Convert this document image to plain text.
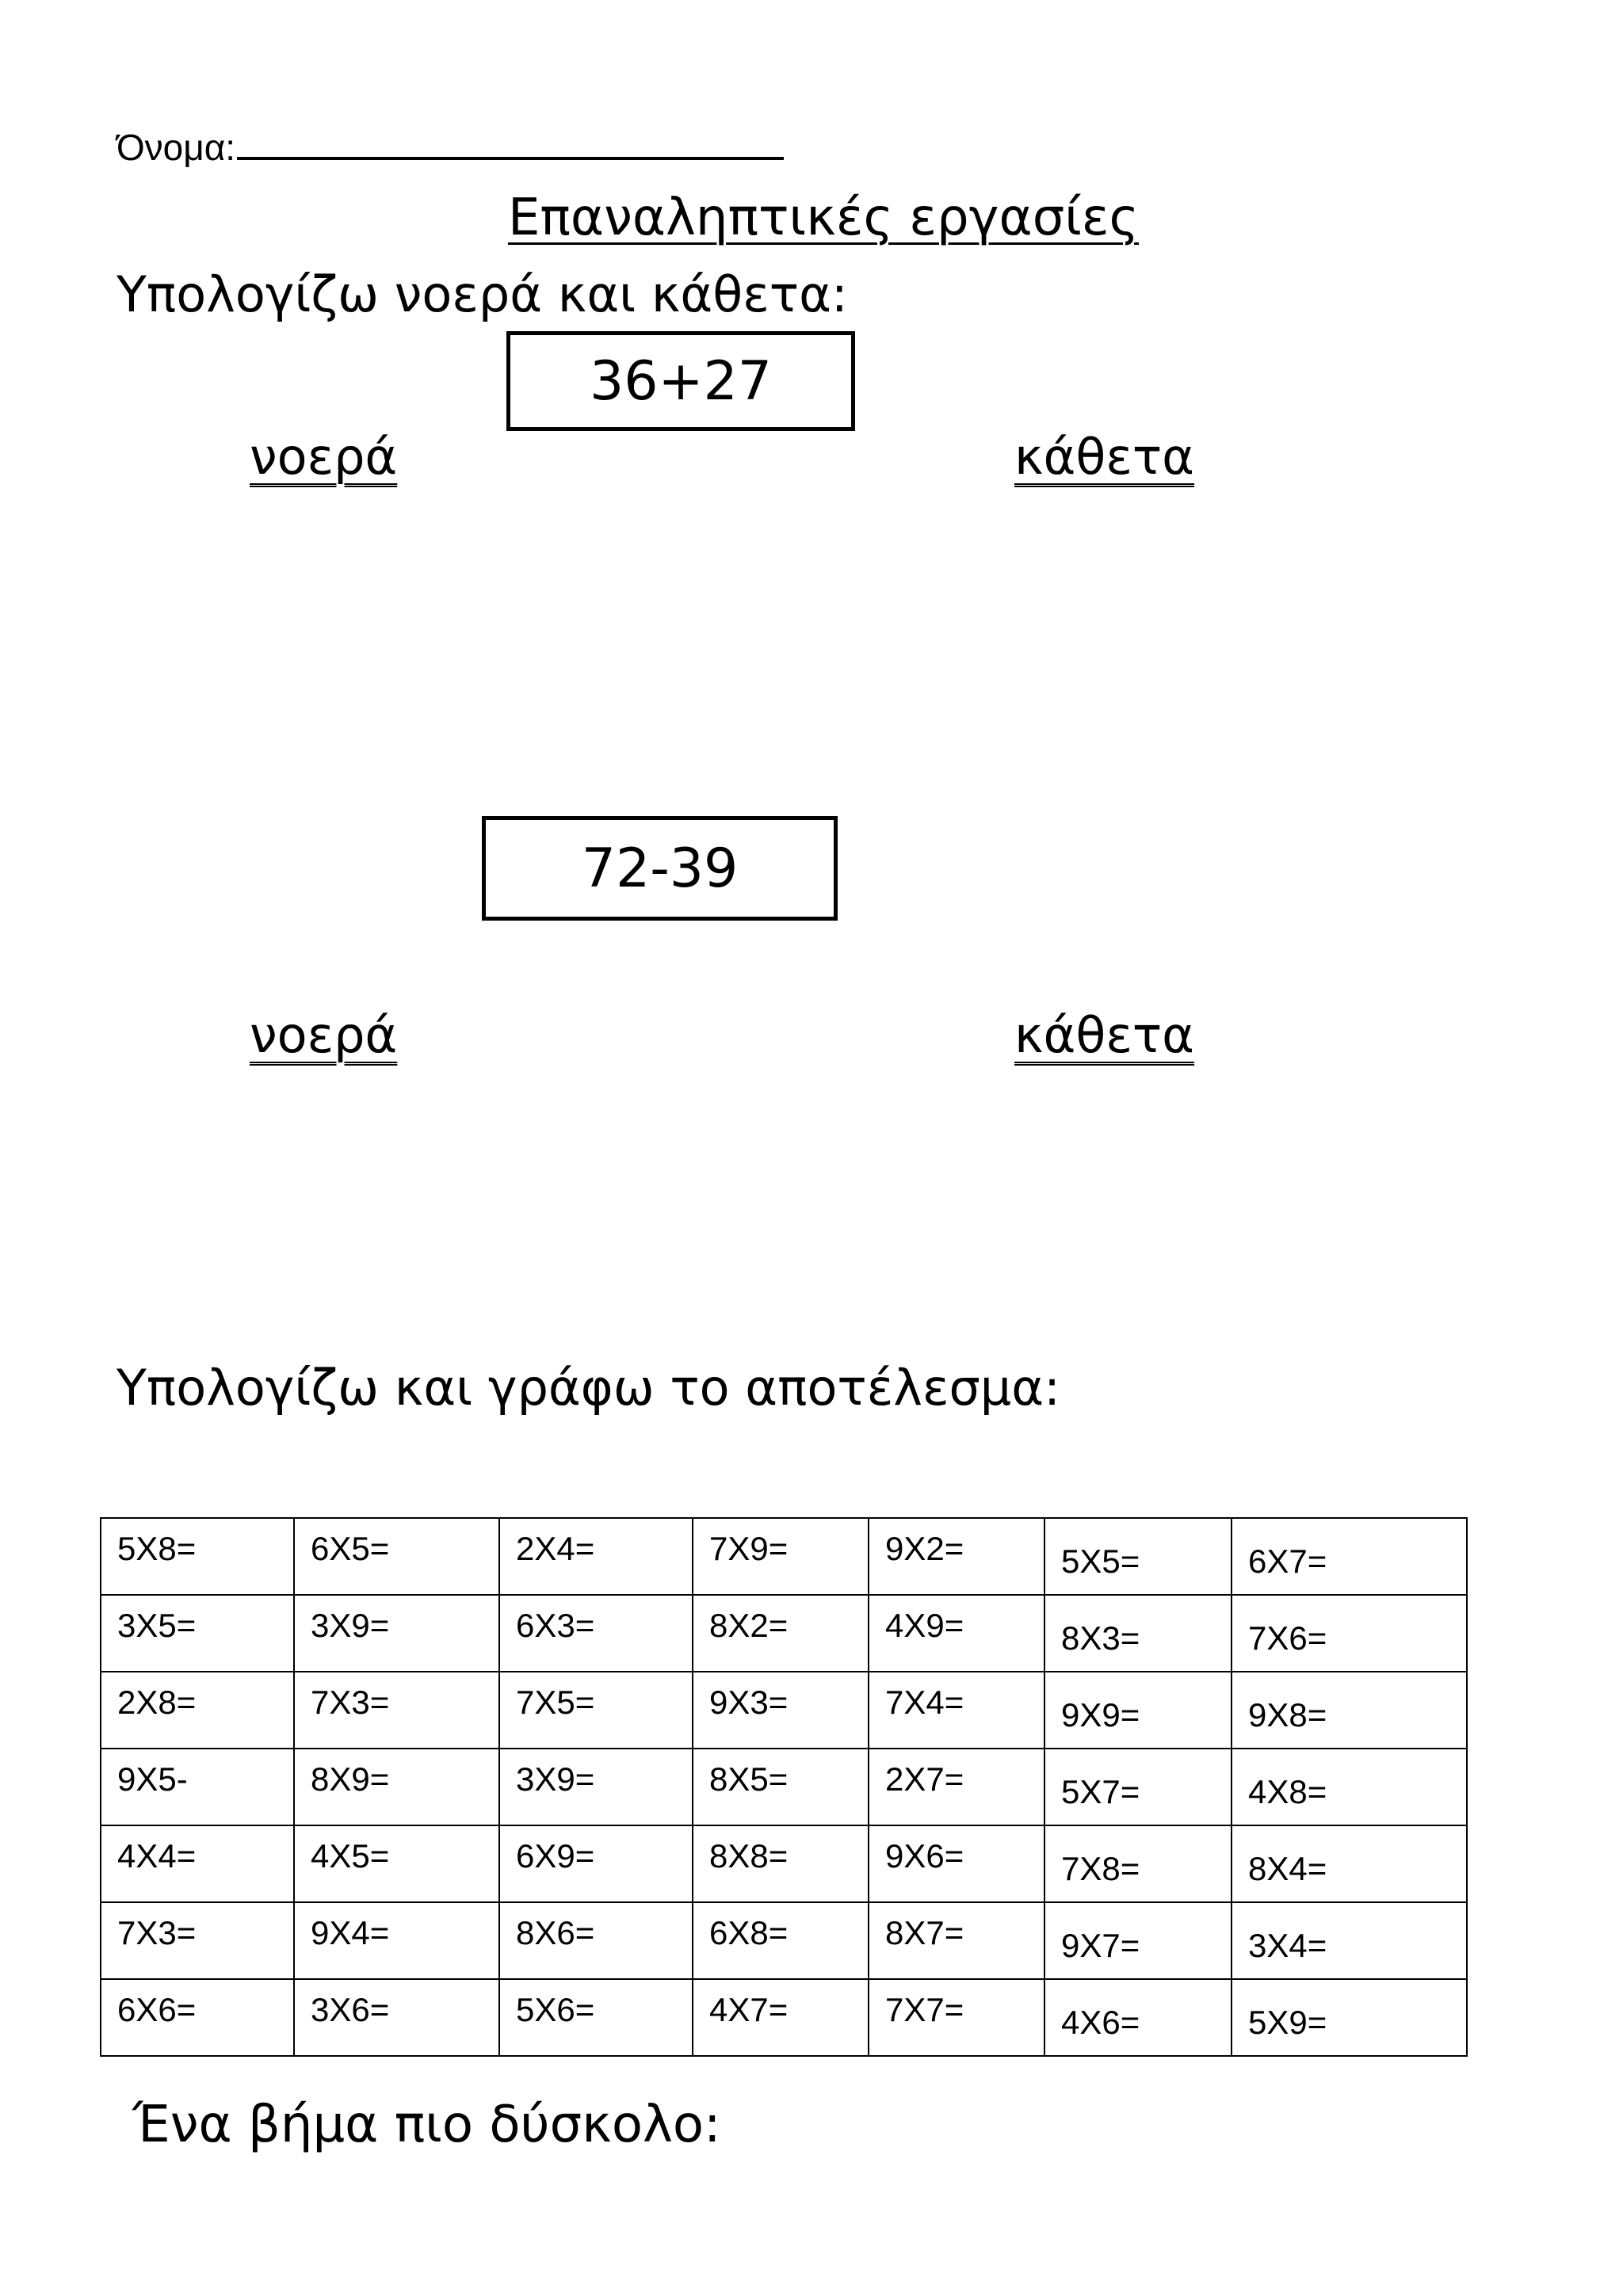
Όνομα:
Επαναληπτικές εργασίες
Υπολογίζω νοερά και κάθετα:
36+27
νοερά	κάθετα
72-39
νοερά	κάθετα
Υπολογίζω και γράφω το αποτέλεσμα:
5X8=	6X5=	2X4=	7X9=	9X2=	5X5=	6X7=
3X5=	3X9=	6X3=	8X2=	4X9=	8X3=	7X6=
2X8=	7X3=	7X5=	9X3=	7X4=	9X9=	9X8=
9X5-	8X9=	3X9=	8X5=	2X7=	5X7=	4X8=
4X4=	4X5=	6X9=	8X8=	9X6=	7X8=	8X4=
7X3=	9X4=	8X6=	6X8=	8X7=	9X7=	3X4=
6X6=	3X6=	5X6=	4X7=	7X7=	4X6=	5X9=
Ένα βήμα πιο δύσκολο:
